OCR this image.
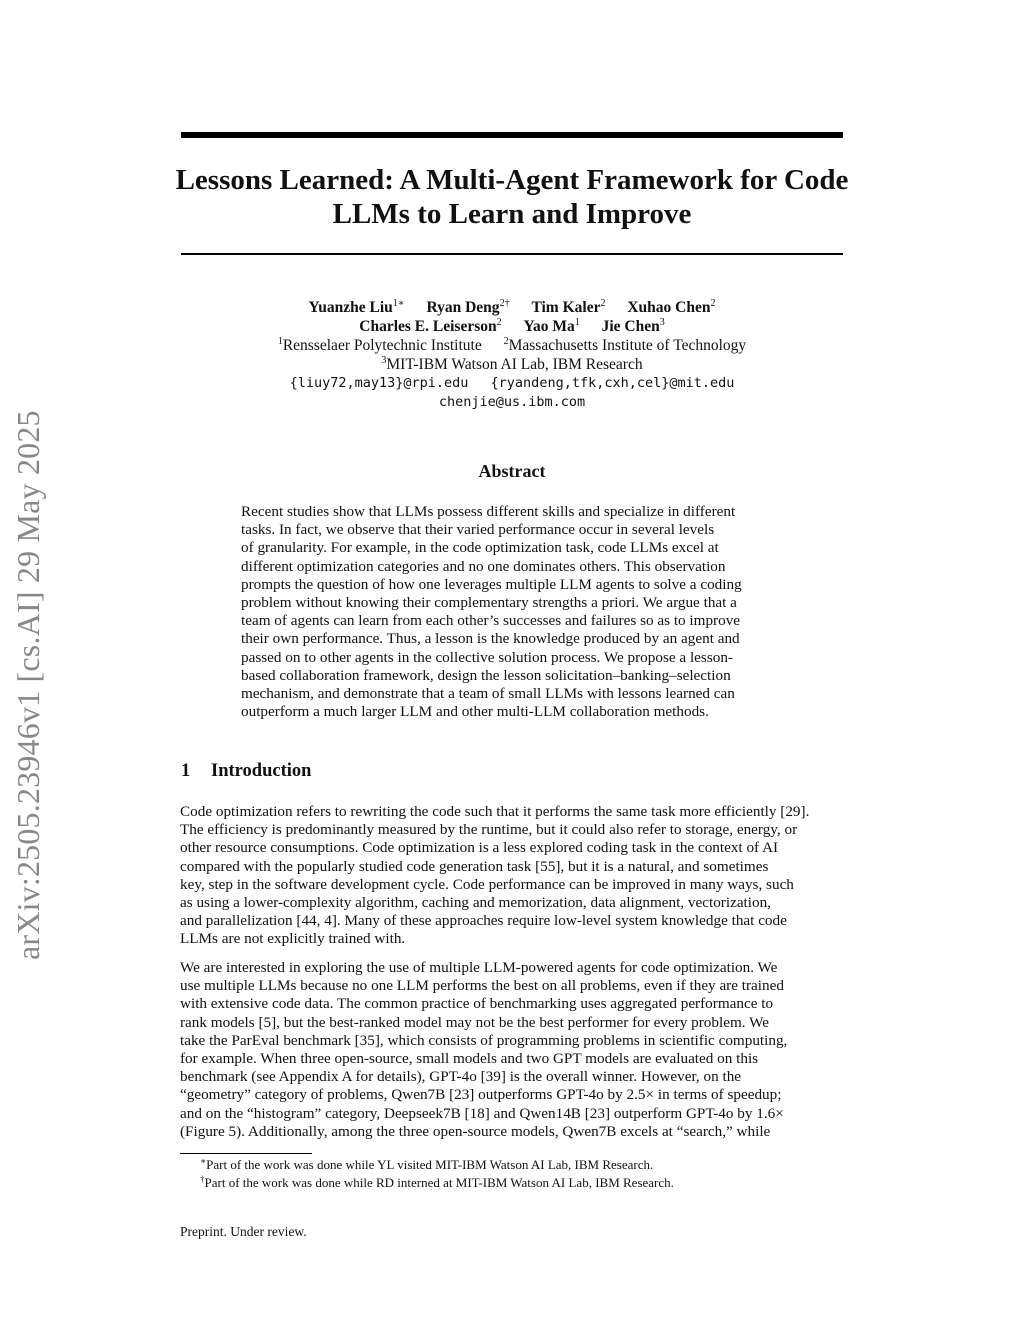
arXiv:2505.23946v1 [cs.AI] 29 May 2025
Lessons Learned: A Multi-Agent Framework for Code
LLMs to Learn and Improve
Yuanzhe Liu$^{1∗}$ Ryan Deng$^{2\dagger}$ Tim Kaler$^2$ Xuhao Chen$^2$
Charles E. Leiserson$^2$ Yao Ma$^1$ Jie Chen$^3$
$^1$Rensselaer Polytechnic Institute $^2$Massachusetts Institute of Technology
$^3$MIT-IBM Watson AI Lab, IBM Research
{liuy72,may13}@rpi.edu {ryandeng,tfk,cxh,cel}@mit.edu
chenjie@us.ibm.com
Abstract
Recent studies show that LLMs possess different skills and specialize in different
tasks. In fact, we observe that their varied performance occur in several levels
of granularity. For example, in the code optimization task, code LLMs excel at
different optimization categories and no one dominates others. This observation
prompts the question of how one leverages multiple LLM agents to solve a coding
problem without knowing their complementary strengths a priori. We argue that a
team of agents can learn from each other’s successes and failures so as to improve
their own performance. Thus, a lesson is the knowledge produced by an agent and
passed on to other agents in the collective solution process. We propose a lesson-
based collaboration framework, design the lesson solicitation–banking–selection
mechanism, and demonstrate that a team of small LLMs with lessons learned can
outperform a much larger LLM and other multi-LLM collaboration methods.
1 Introduction
Code optimization refers to rewriting the code such that it performs the same task more efficiently [29].
The efficiency is predominantly measured by the runtime, but it could also refer to storage, energy, or
other resource consumptions. Code optimization is a less explored coding task in the context of AI
compared with the popularly studied code generation task [55], but it is a natural, and sometimes
key, step in the software development cycle. Code performance can be improved in many ways, such
as using a lower-complexity algorithm, caching and memorization, data alignment, vectorization,
and parallelization [44, 4]. Many of these approaches require low-level system knowledge that code
LLMs are not explicitly trained with.
We are interested in exploring the use of multiple LLM-powered agents for code optimization. We
use multiple LLMs because no one LLM performs the best on all problems, even if they are trained
with extensive code data. The common practice of benchmarking uses aggregated performance to
rank models [5], but the best-ranked model may not be the best performer for every problem. We
take the ParEval benchmark [35], which consists of programming problems in scientific computing,
for example. When three open-source, small models and two GPT models are evaluated on this
benchmark (see Appendix A for details), GPT-4o [39] is the overall winner. However, on the
“geometry” category of problems, Qwen7B [23] outperforms GPT-4o by 2.5× in terms of speedup;
and on the “histogram” category, Deepseek7B [18] and Qwen14B [23] outperform GPT-4o by 1.6×
(Figure 5). Additionally, among the three open-source models, Qwen7B excels at “search,” while
∗Part of the work was done while YL visited MIT-IBM Watson AI Lab, IBM Research.
†Part of the work was done while RD interned at MIT-IBM Watson AI Lab, IBM Research.
Preprint. Under review.
